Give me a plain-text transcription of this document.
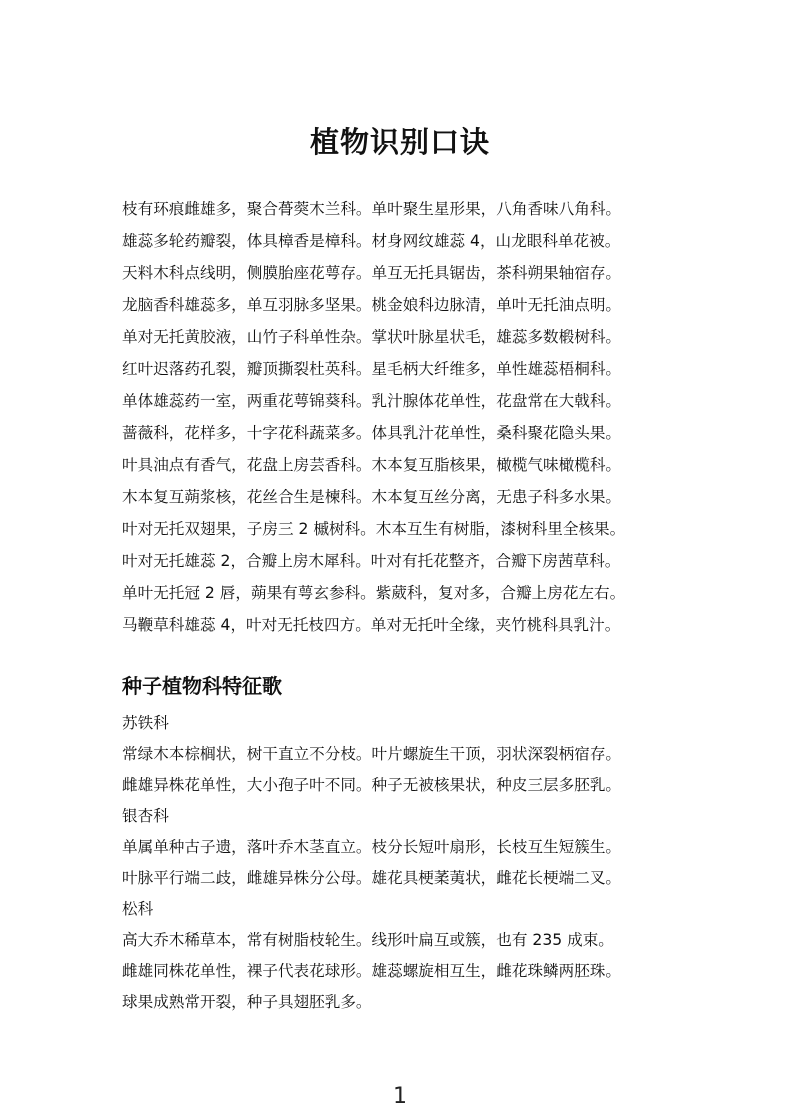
植物识别口诀

枝有环痕雌雄多，聚合蓇葖木兰科。单叶聚生星形果，八角香味八角科。

雄蕊多轮药瓣裂，体具樟香是樟科。材身网纹雄蕊 4，山龙眼科单花被。

天料木科点线明，侧膜胎座花萼存。单互无托具锯齿，茶科朔果轴宿存。

龙脑香科雄蕊多，单互羽脉多坚果。桃金娘科边脉清，单叶无托油点明。

单对无托黄胶液，山竹子科单性杂。掌状叶脉星状毛，雄蕊多数椴树科。

红叶迟落药孔裂，瓣顶撕裂杜英科。星毛柄大纤维多，单性雄蕊梧桐科。

单体雄蕊药一室，两重花萼锦葵科。乳汁腺体花单性，花盘常在大戟科。

蔷薇科，花样多，十字花科蔬菜多。体具乳汁花单性，桑科聚花隐头果。

叶具油点有香气，花盘上房芸香科。木本复互脂核果，橄榄气味橄榄科。

木本复互蒴浆核，花丝合生是楝科。木本复互丝分离，无患子科多水果。

叶对无托双翅果，子房三 2 槭树科。木本互生有树脂，漆树科里全核果。

叶对无托雄蕊 2，合瓣上房木犀科。叶对有托花整齐，合瓣下房茜草科。

单叶无托冠 2 唇，蒴果有萼玄参科。紫葳科，复对多，合瓣上房花左右。

马鞭草科雄蕊 4，叶对无托枝四方。单对无托叶全缘，夹竹桃科具乳汁。

种子植物科特征歌

苏铁科

常绿木本棕榈状，树干直立不分枝。叶片螺旋生干顶，羽状深裂柄宿存。

雌雄异株花单性，大小孢子叶不同。种子无被核果状，种皮三层多胚乳。

银杏科

单属单种古子遗，落叶乔木茎直立。枝分长短叶扇形，长枝互生短簇生。

叶脉平行端二歧，雌雄异株分公母。雄花具梗葇荑状，雌花长梗端二叉。

松科

高大乔木稀草本，常有树脂枝轮生。线形叶扁互或簇，也有 235 成束。

雌雄同株花单性，裸子代表花球形。雄蕊螺旋相互生，雌花珠鳞两胚珠。

球果成熟常开裂，种子具翅胚乳多。

1
